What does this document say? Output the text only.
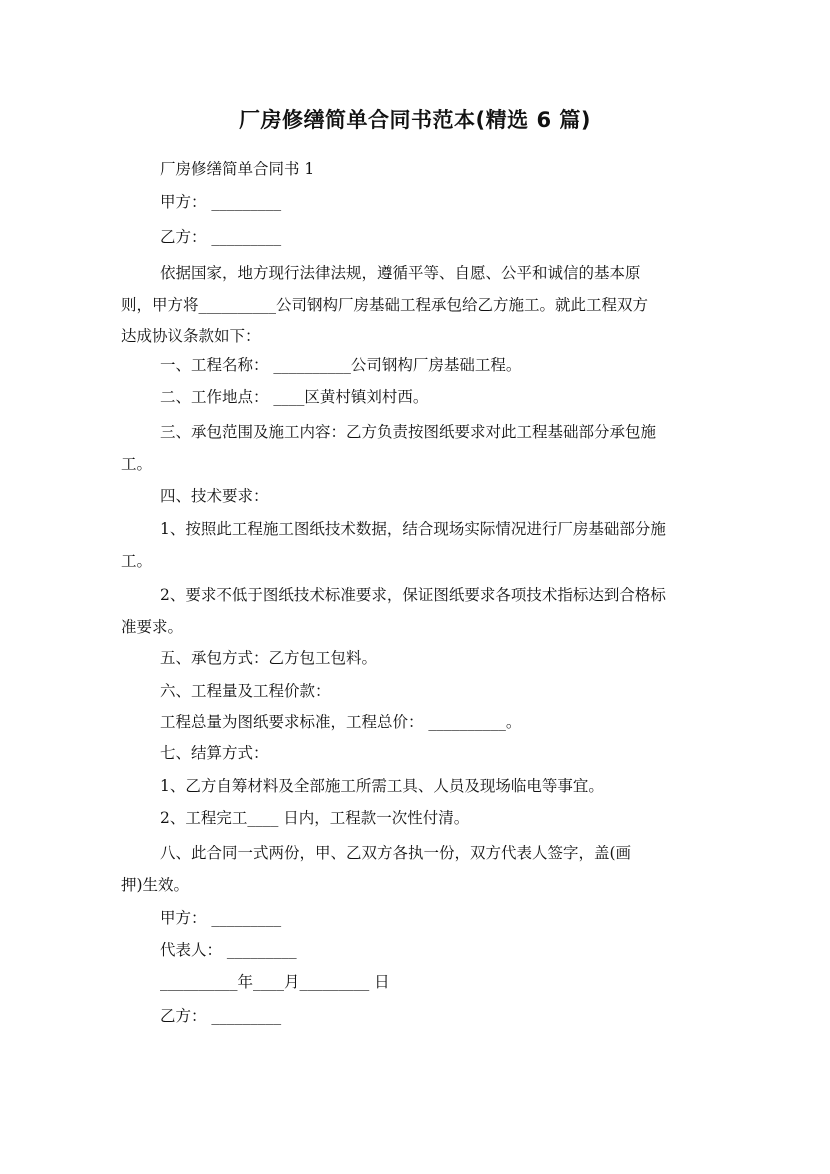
​
厂房修缮简单合同书范本(精选 6 篇)
厂房修缮简单合同书 1
甲方： _________
乙方： _________
依据国家，地方现行法律法规，遵循平等、自愿、公平和诚信的基本原
则，甲方将__________公司钢构厂房基础工程承包给乙方施工。就此工程双方
达成协议条款如下：
一、工程名称： __________公司钢构厂房基础工程。
二、工作地点： ____区黄村镇刘村西。
三、承包范围及施工内容：乙方负责按图纸要求对此工程基础部分承包施
工。
四、技术要求：
1、按照此工程施工图纸技术数据，结合现场实际情况进行厂房基础部分施
工。
2、要求不低于图纸技术标准要求，保证图纸要求各项技术指标达到合格标
准要求。
五、承包方式：乙方包工包料。
六、工程量及工程价款：
工程总量为图纸要求标准，工程总价： __________。
七、结算方式：
1、乙方自筹材料及全部施工所需工具、人员及现场临电等事宜。
2、工程完工____ 日内，工程款一次性付清。
八、此合同一式两份，甲、乙双方各执一份，双方代表人签字，盖(画
押)生效。
甲方： _________
代表人： _________
__________年____月_________ 日
乙方： _________
